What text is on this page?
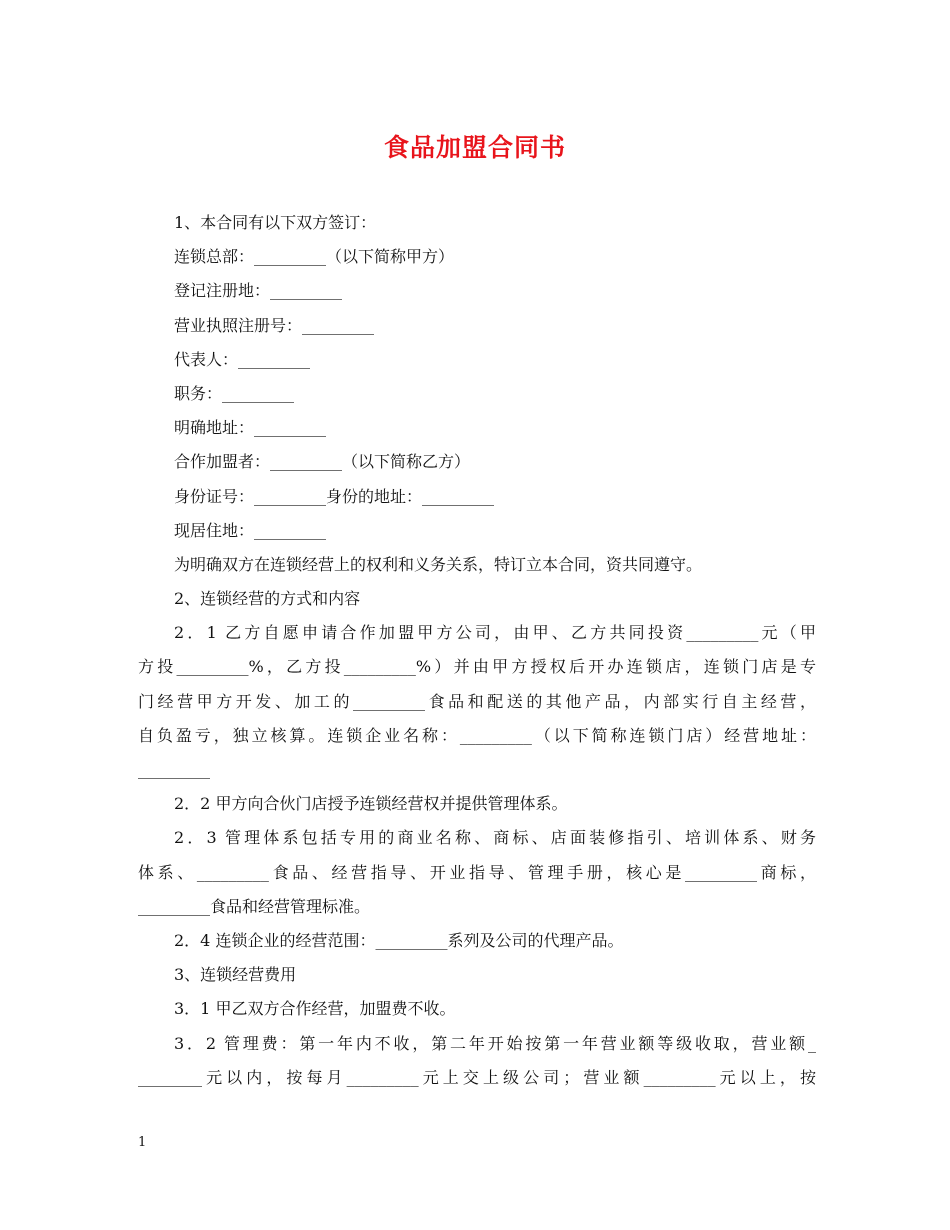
食品加盟合同书
1、本合同有以下双方签订：
连锁总部：_________（以下简称甲方）
登记注册地：_________
营业执照注册号：_________
代表人：_________
职务：_________
明确地址：_________
合作加盟者：_________（以下简称乙方）
身份证号：_________身份的地址：_________
现居住地：_________
为明确双方在连锁经营上的权利和义务关系，特订立本合同，资共同遵守。
2、连锁经营的方式和内容
2．1 乙方自愿申请合作加盟甲方公司，由甲、乙方共同投资_________元（甲
方投_________%，乙方投_________%）并由甲方授权后开办连锁店，连锁门店是专
门经营甲方开发、加工的_________食品和配送的其他产品，内部实行自主经营，
自负盈亏，独立核算。连锁企业名称：_________（以下简称连锁门店）经营地址：
_________
2．2 甲方向合伙门店授予连锁经营权并提供管理体系。
2．3 管理体系包括专用的商业名称、商标、店面装修指引、培训体系、财务
体系、_________食品、经营指导、开业指导、管理手册，核心是_________商标，
_________食品和经营管理标准。
2．4 连锁企业的经营范围：_________系列及公司的代理产品。
3、连锁经营费用
3．1 甲乙双方合作经营，加盟费不收。
3．2 管理费：第一年内不收，第二年开始按第一年营业额等级收取，营业额_
________元以内，按每月_________元上交上级公司；营业额_________元以上，按
1
